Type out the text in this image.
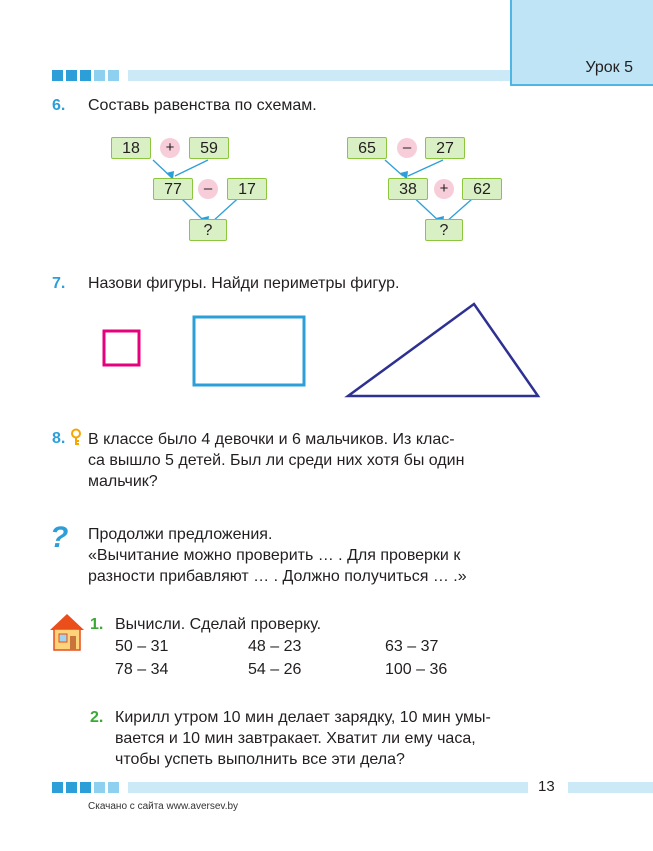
Урок 5
6. Составь равенства по схемам.
18	+	59
77	–	17
?
65	–	27
38	+	62
?
7. Назови фигуры. Найди периметры фигур.
8. В классе было 4 девочки и 6 мальчиков. Из клас-
са вышло 5 детей. Был ли среди них хотя бы один
мальчик?
? Продолжи предложения.
«Вычитание можно проверить … . Для проверки к
разности прибавляют … . Должно получиться … .»
1. Вычисли. Сделай проверку.
50 – 31	48 – 23	63 – 37
78 – 34	54 – 26	100 – 36
2. Кирилл утром 10 мин делает зарядку, 10 мин умы-
вается и 10 мин завтракает. Хватит ли ему часа,
чтобы успеть выполнить все эти дела?
13
Скачано с сайта www.aversev.by
